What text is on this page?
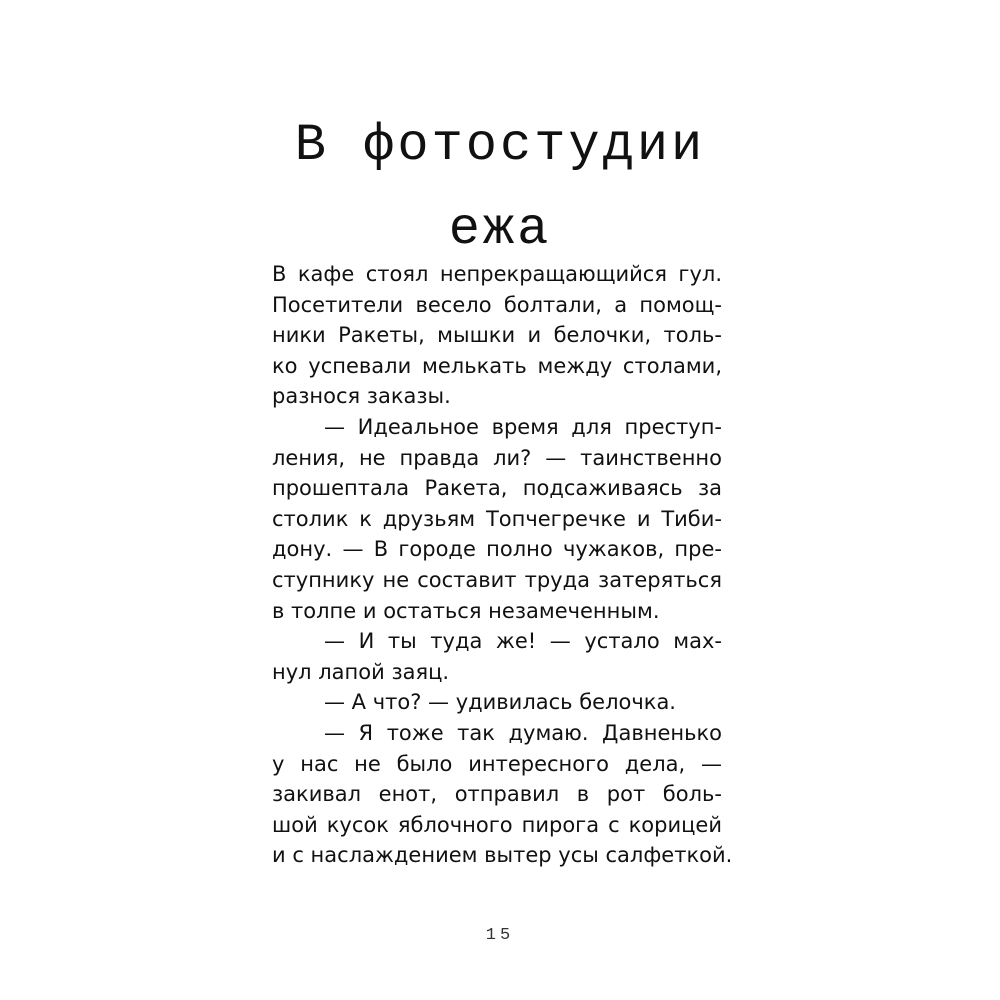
В фотостудии
ежа
В кафе стоял непрекращающийся гул.
Посетители весело болтали, а помощ-
ники Ракеты, мышки и белочки, толь-
ко успевали мелькать между столами,
разнося заказы.
— Идеальное время для преступ-
ления, не правда ли? — таинственно
прошептала Ракета, подсаживаясь за
столик к друзьям Топчегречке и Тиби-
дону. — В городе полно чужаков, пре-
ступнику не составит труда затеряться
в толпе и остаться незамеченным.
— И ты туда же! — устало мах-
нул лапой заяц.
— А что? — удивилась белочка.
— Я тоже так думаю. Давненько
у нас не было интересного дела, —
закивал енот, отправил в рот боль-
шой кусок яблочного пирога с корицей
и с наслаждением вытер усы салфеткой.
15
